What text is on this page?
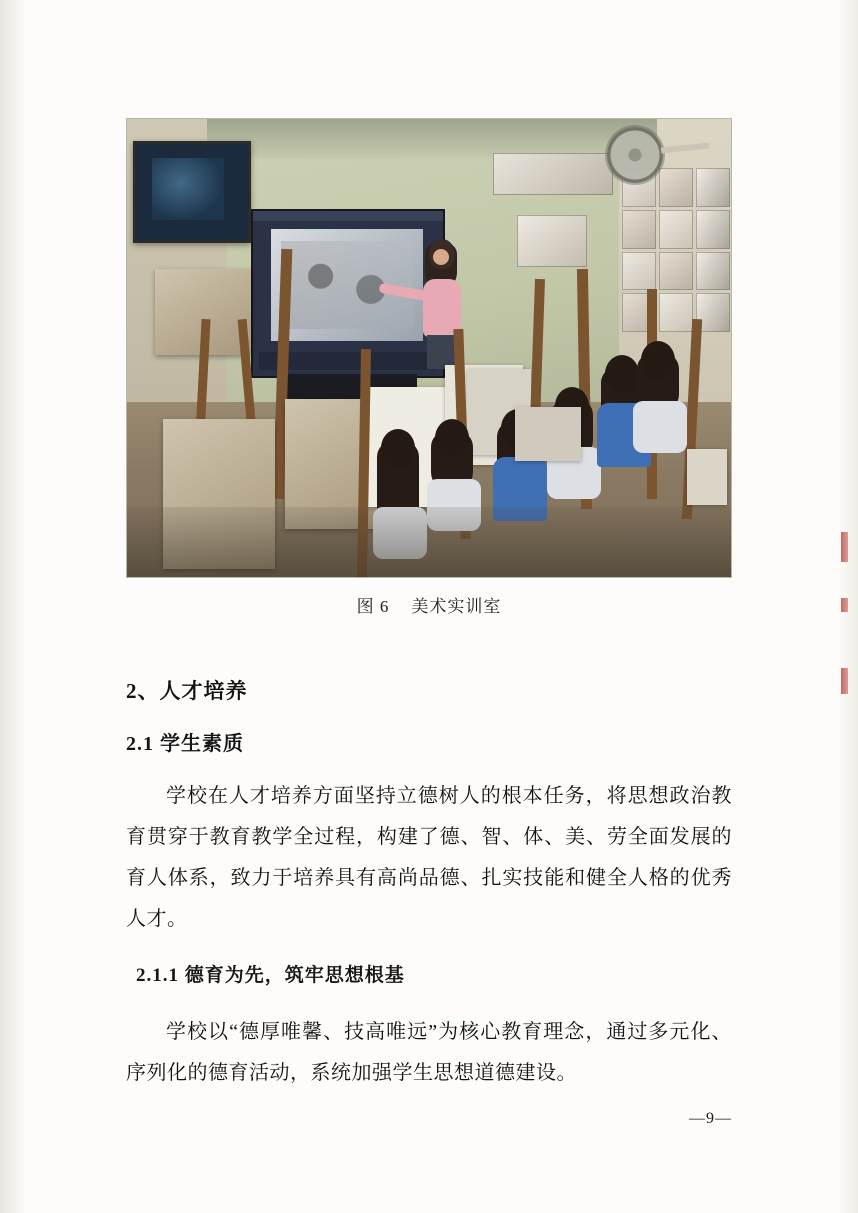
图 6 美术实训室
2、人才培养
2.1 学生素质

学校在人才培养方面坚持立德树人的根本任务，将思想政治教育贯穿于教育教学全过程，构建了德、智、体、美、劳全面发展的育人体系，致力于培养具有高尚品德、扎实技能和健全人格的优秀人才。

2.1.1 德育为先，筑牢思想根基

学校以“德厚唯馨、技高唯远”为核心教育理念，通过多元化、序列化的德育活动，系统加强学生思想道德建设。

—9—
